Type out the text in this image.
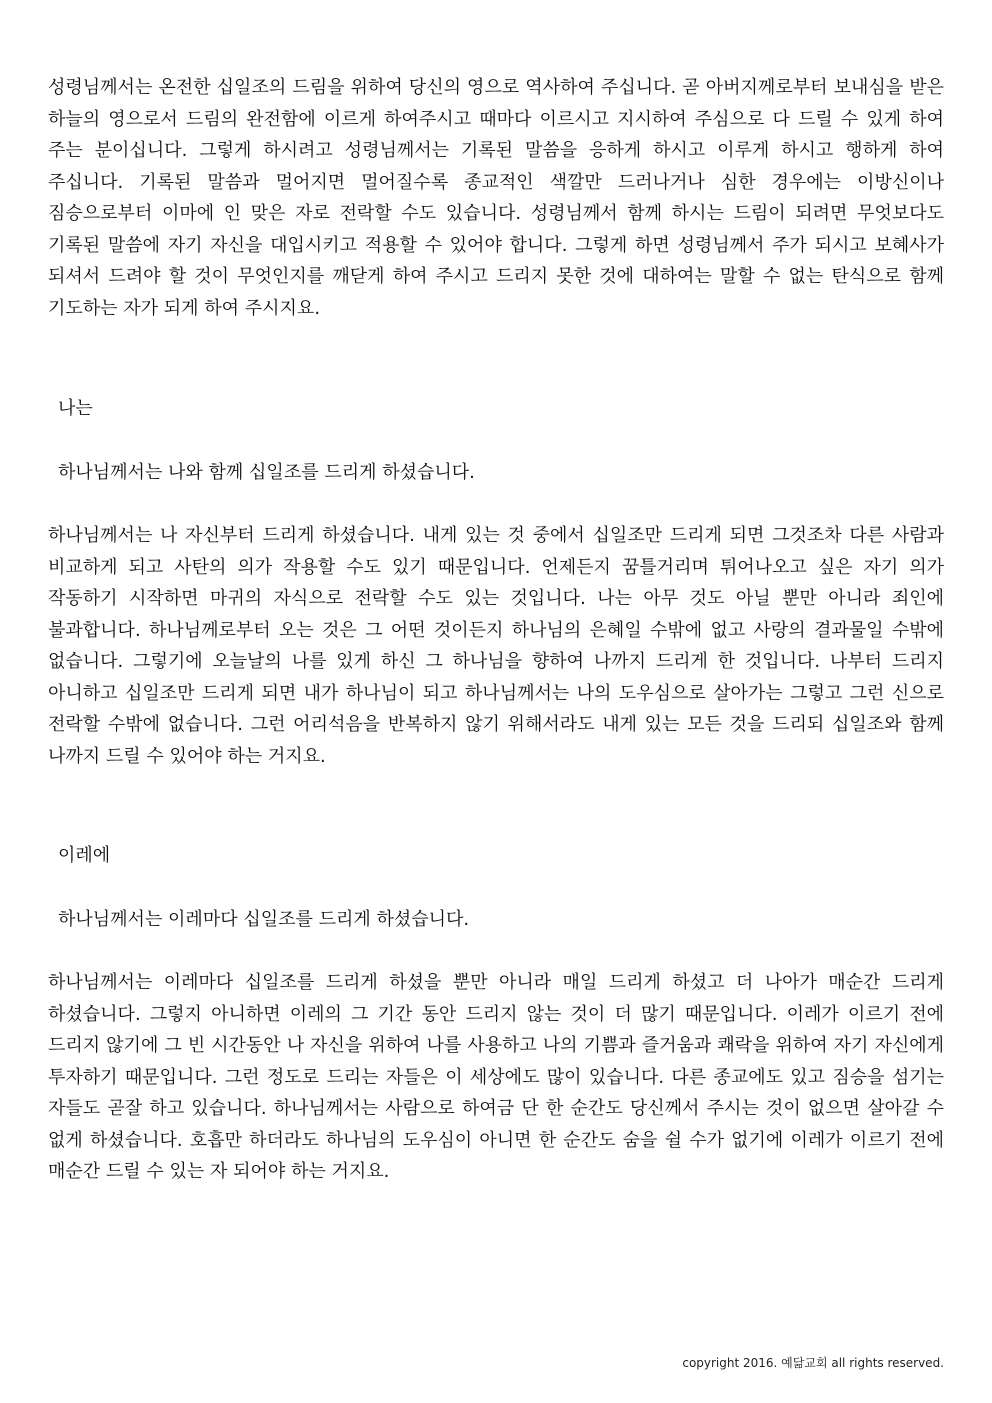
성령님께서는 온전한 십일조의 드림을 위하여 당신의 영으로 역사하여 주십니다. 곧 아버지께로부터 보내심을 받은 하늘의 영으로서 드림의 완전함에 이르게 하여주시고 때마다 이르시고 지시하여 주심으로 다 드릴 수 있게 하여 주는 분이십니다. 그렇게 하시려고 성령님께서는 기록된 말씀을 응하게 하시고 이루게 하시고 행하게 하여 주십니다. 기록된 말씀과 멀어지면 멀어질수록 종교적인 색깔만 드러나거나 심한 경우에는 이방신이나 짐승으로부터 이마에 인 맞은 자로 전락할 수도 있습니다. 성령님께서 함께 하시는 드림이 되려면 무엇보다도 기록된 말씀에 자기 자신을 대입시키고 적용할 수 있어야 합니다. 그렇게 하면 성령님께서 주가 되시고 보혜사가 되셔서 드려야 할 것이 무엇인지를 깨닫게 하여 주시고 드리지 못한 것에 대하여는 말할 수 없는 탄식으로 함께 기도하는 자가 되게 하여 주시지요.

나는

하나님께서는 나와 함께 십일조를 드리게 하셨습니다.

하나님께서는 나 자신부터 드리게 하셨습니다. 내게 있는 것 중에서 십일조만 드리게 되면 그것조차 다른 사람과 비교하게 되고 사탄의 의가 작용할 수도 있기 때문입니다. 언제든지 꿈틀거리며 튀어나오고 싶은 자기 의가 작동하기 시작하면 마귀의 자식으로 전락할 수도 있는 것입니다. 나는 아무 것도 아닐 뿐만 아니라 죄인에 불과합니다. 하나님께로부터 오는 것은 그 어떤 것이든지 하나님의 은혜일 수밖에 없고 사랑의 결과물일 수밖에 없습니다. 그렇기에 오늘날의 나를 있게 하신 그 하나님을 향하여 나까지 드리게 한 것입니다. 나부터 드리지 아니하고 십일조만 드리게 되면 내가 하나님이 되고 하나님께서는 나의 도우심으로 살아가는 그렇고 그런 신으로 전락할 수밖에 없습니다. 그런 어리석음을 반복하지 않기 위해서라도 내게 있는 모든 것을 드리되 십일조와 함께 나까지 드릴 수 있어야 하는 거지요.

이레에

하나님께서는 이레마다 십일조를 드리게 하셨습니다.

하나님께서는 이레마다 십일조를 드리게 하셨을 뿐만 아니라 매일 드리게 하셨고 더 나아가 매순간 드리게 하셨습니다. 그렇지 아니하면 이레의 그 기간 동안 드리지 않는 것이 더 많기 때문입니다. 이레가 이르기 전에 드리지 않기에 그 빈 시간동안 나 자신을 위하여 나를 사용하고 나의 기쁨과 즐거움과 쾌락을 위하여 자기 자신에게 투자하기 때문입니다. 그런 정도로 드리는 자들은 이 세상에도 많이 있습니다. 다른 종교에도 있고 짐승을 섬기는 자들도 곧잘 하고 있습니다. 하나님께서는 사람으로 하여금 단 한 순간도 당신께서 주시는 것이 없으면 살아갈 수 없게 하셨습니다. 호흡만 하더라도 하나님의 도우심이 아니면 한 순간도 숨을 쉴 수가 없기에 이레가 이르기 전에 매순간 드릴 수 있는 자 되어야 하는 거지요.

copyright 2016. 예닮교회 all rights reserved.
